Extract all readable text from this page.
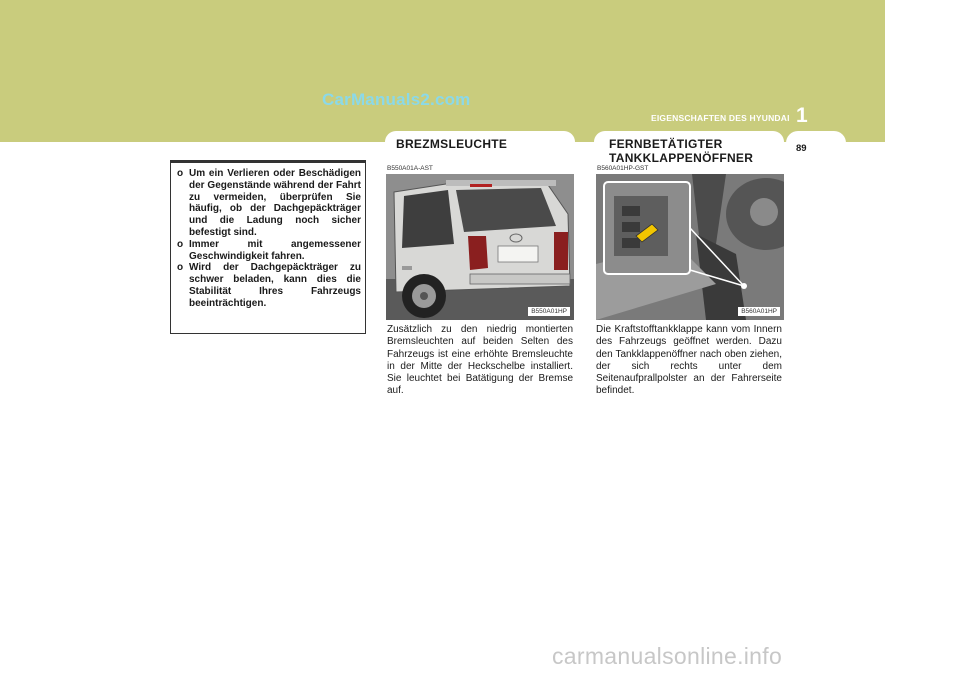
CarManuals2.com
1
EIGENSCHAFTEN DES HYUNDAI
BREZMSLEUCHTE	FERNBETÄTIGTER
TANKKLAPPENÖFFNER
89
o Um ein Verlieren oder Beschädigen der Gegenstände während der Fahrt zu vermeiden, überprüfen Sie häufig, ob der Dachgepäckträger und die Ladung noch sicher befestigt sind.
o Immer mit angemessener Geschwindigkeit fahren.
o Wird der Dachgepäckträger zu schwer beladen, kann dies die Stabilität Ihres Fahrzeugs beeinträchtigen.
B550A01A-AST
B550A01HP
Zusätzlich zu den niedrig montierten Bremsleuchten auf beiden Selten des Fahrzeugs ist eine erhöhte Bremsleuchte in der Mitte der Heckschelbe installiert. Sie leuchtet bei Batätigung der Bremse auf.
B560A01HP-GST
B560A01HP
Die Kraftstofftankklappe kann vom Innern des Fahrzeugs geöffnet werden. Dazu den Tankklappenöffner nach oben ziehen, der sich rechts unter dem Seitenaufprallpolster an der Fahrerseite befindet.
carmanualsonline.info
